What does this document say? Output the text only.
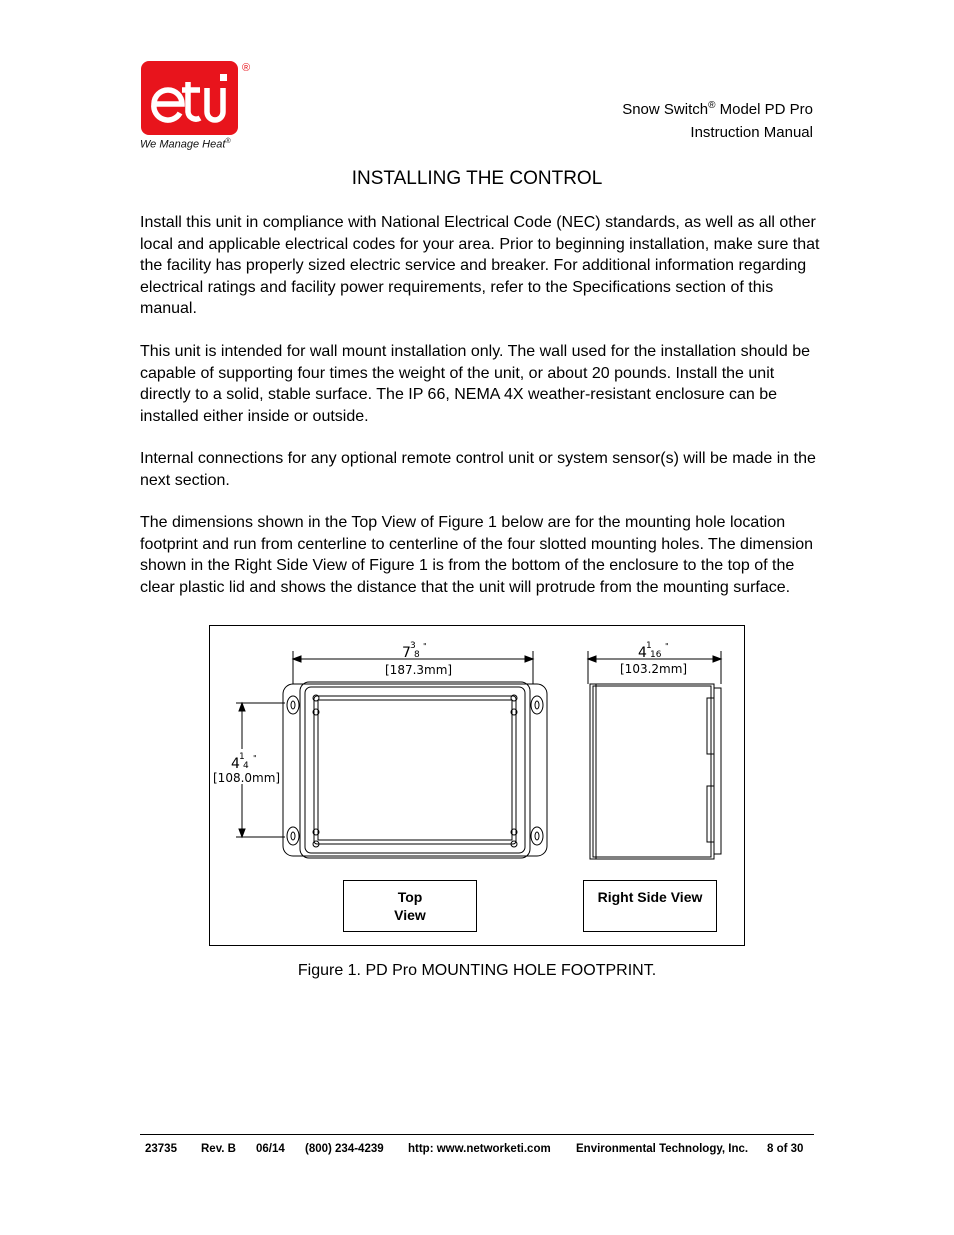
®
We Manage Heat®
Snow Switch® Model PD Pro
Instruction Manual
INSTALLING THE CONTROL
Install this unit in compliance with National Electrical Code (NEC) standards, as well as all other local and applicable electrical codes for your area. Prior to beginning installation, make sure that the facility has properly sized electric service and breaker. For additional information regarding electrical ratings and facility power requirements, refer to the Specifications section of this manual.
This unit is intended for wall mount installation only. The wall used for the installation should be capable of supporting four times the weight of the unit, or about 20 pounds. Install the unit directly to a solid, stable surface. The IP 66, NEMA 4X weather-resistant enclosure can be installed either inside or outside.
Internal connections for any optional remote control unit or system sensor(s) will be made in the next section.
The dimensions shown in the Top View of Figure 1 below are for the mounting hole location footprint and run from centerline to centerline of the four slotted mounting holes. The dimension shown in the Right Side View of Figure 1 is from the bottom of the enclosure to the top of the clear plastic lid and shows the distance that the unit will protrude from the mounting surface.
7 3
8
"
[187.3mm]
4 1
16
"
[103.2mm]
4 1
4
"
[108.0mm]
Top
View
Right Side View
Figure 1. PD Pro MOUNTING HOLE FOOTPRINT.
23735 Rev. B 06/14 (800) 234-4239 http: www.networketi.com Environmental Technology, Inc. 8 of 30
